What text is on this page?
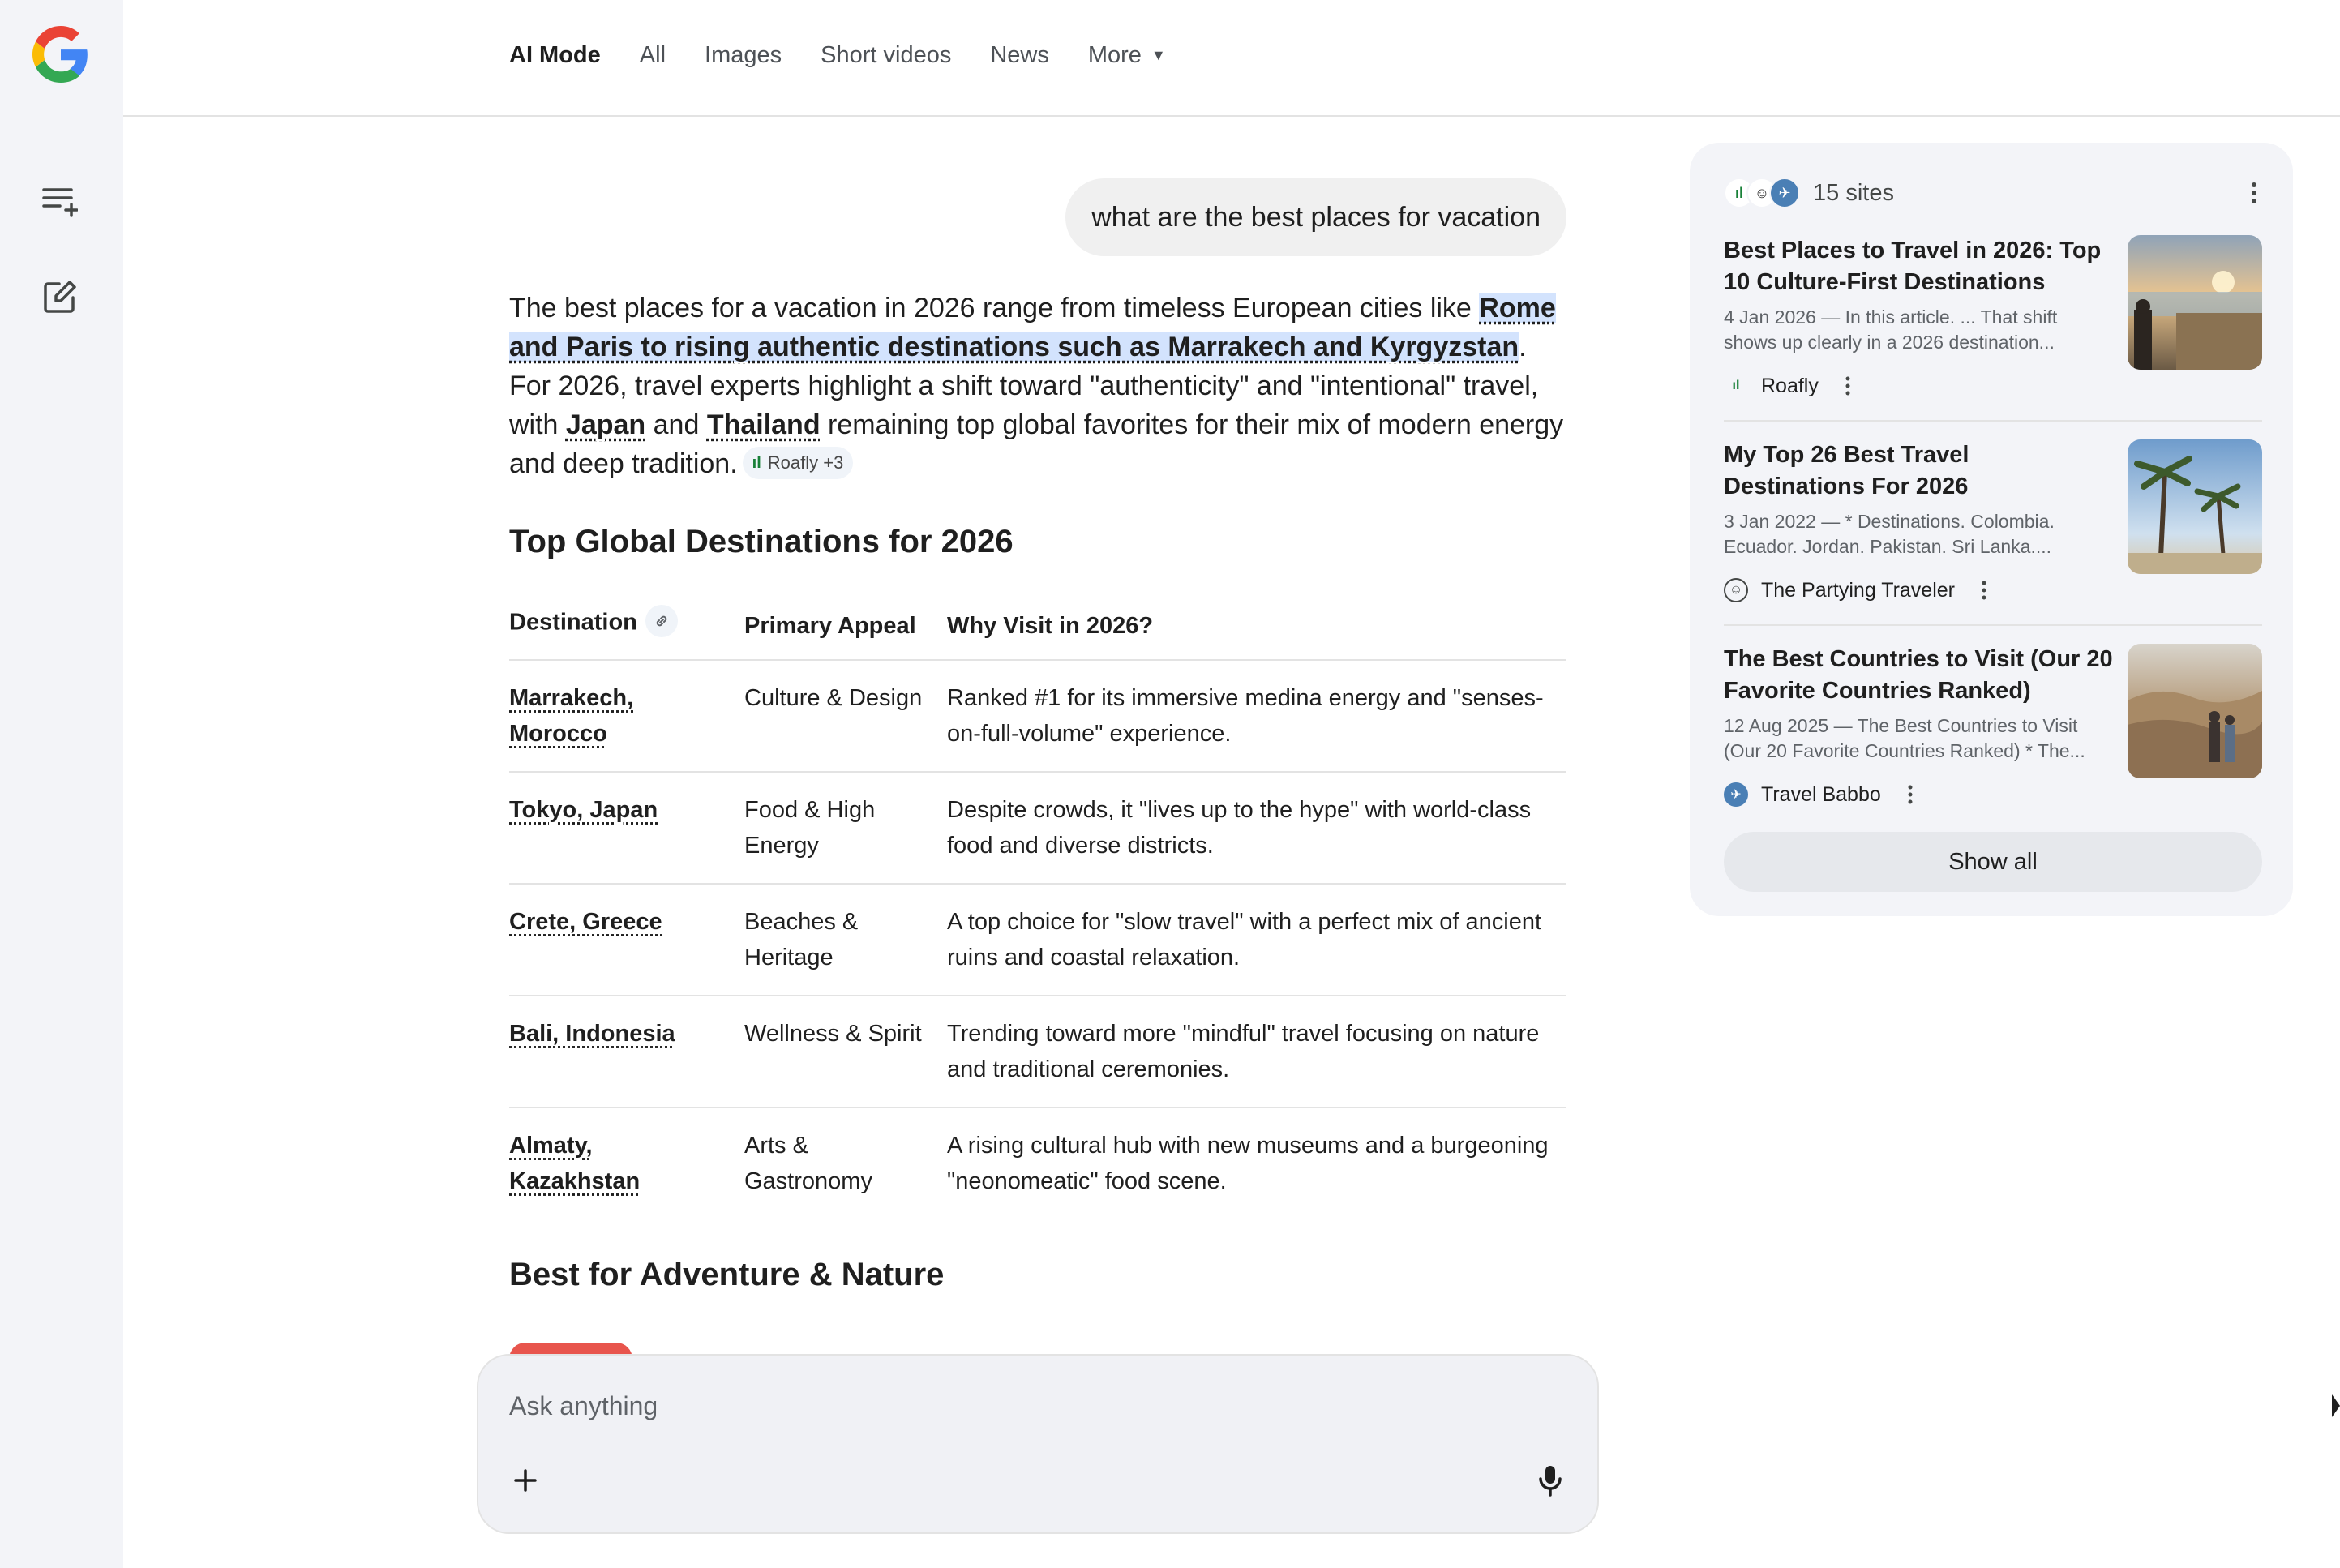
AI Mode All Images Short videos News More ▼
what are the best places for vacation

The best places for a vacation in 2026 range from timeless European cities like Rome and Paris to rising authentic destinations such as Marrakech and Kyrgyzstan. For 2026, travel experts highlight a shift toward "authenticity" and "intentional" travel, with Japan and Thailand remaining top global favorites for their mix of modern energy and deep tradition. ıl Roafly +3

Top Global Destinations for 2026
Destination	Primary Appeal	Why Visit in 2026?
Marrakech, Morocco	Culture & Design	Ranked #1 for its immersive medina energy and "senses-on-full-volume" experience.
Tokyo, Japan	Food & High Energy	Despite crowds, it "lives up to the hype" with world-class food and diverse districts.
Crete, Greece	Beaches & Heritage	A top choice for "slow travel" with a perfect mix of ancient ruins and coastal relaxation.
Bali, Indonesia	Wellness & Spirit	Trending toward more "mindful" travel focusing on nature and traditional ceremonies.
Almaty, Kazakhstan	Arts & Gastronomy	A rising cultural hub with new museums and a burgeoning "neonomeatic" food scene.
Best for Adventure & Nature
Ask anything
ıl ☺ ✈ 15 sites
Best Places to Travel in 2026: Top 10 Culture-First Destinations
4 Jan 2026 — In this article. ... That shift shows up clearly in a 2026 destination...
ıl	Roafly
My Top 26 Best Travel Destinations For 2026
3 Jan 2022 — * Destinations. Colombia. Ecuador. Jordan. Pakistan. Sri Lanka....
☺ The Partying Traveler
The Best Countries to Visit (Our 20 Favorite Countries Ranked)
12 Aug 2025 — The Best Countries to Visit (Our 20 Favorite Countries Ranked) * The...
✈ Travel Babbo
Show all
